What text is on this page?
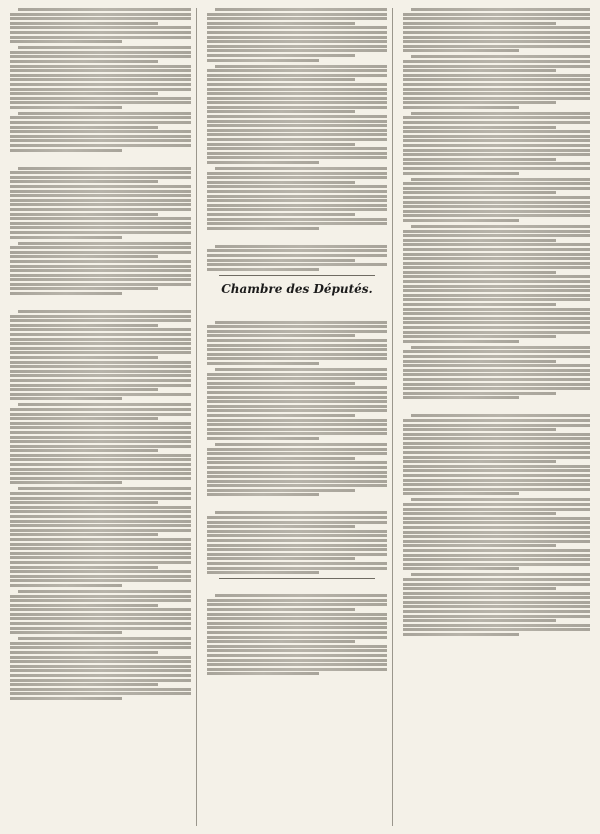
Chambre des Députés.
